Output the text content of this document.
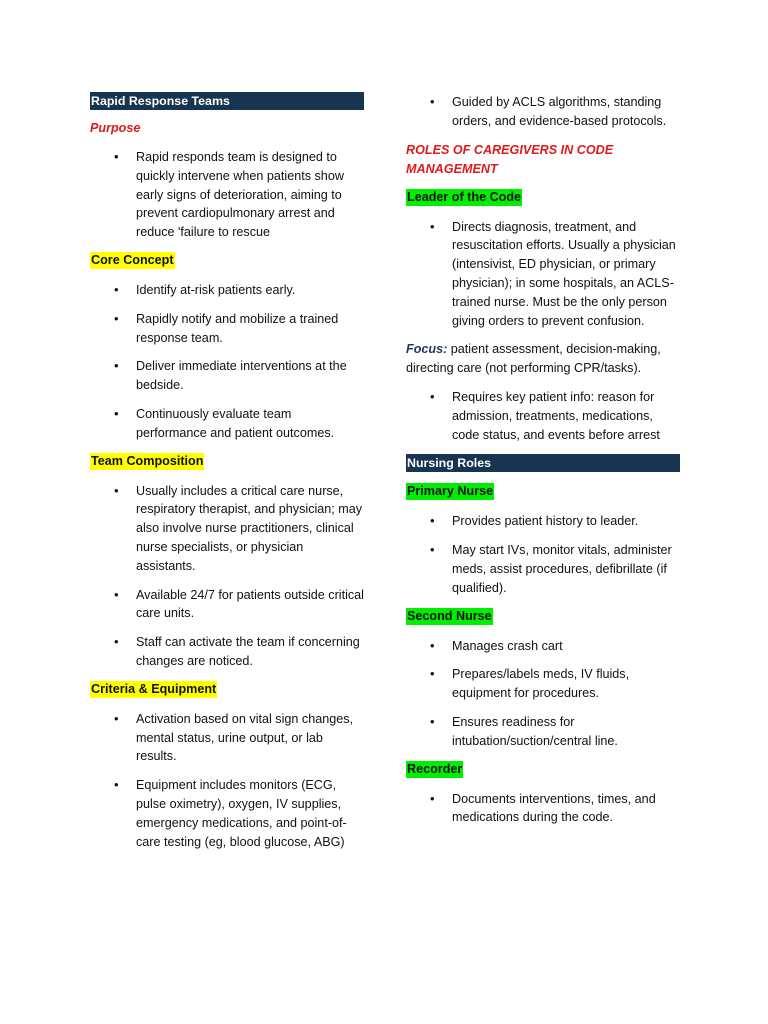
Rapid Response Teams
Purpose
• Rapid responds team is designed to quickly intervene when patients show early signs of deterioration, aiming to prevent cardiopulmonary arrest and reduce 'failure to rescue
Core Concept
• Identify at-risk patients early.
• Rapidly notify and mobilize a trained response team.
• Deliver immediate interventions at the bedside.
• Continuously evaluate team performance and patient outcomes.
Team Composition
• Usually includes a critical care nurse, respiratory therapist, and physician; may also involve nurse practitioners, clinical nurse specialists, or physician assistants.
• Available 24/7 for patients outside critical care units.
• Staff can activate the team if concerning changes are noticed.
Criteria & Equipment
• Activation based on vital sign changes, mental status, urine output, or lab results.
• Equipment includes monitors (ECG, pulse oximetry), oxygen, IV supplies, emergency medications, and point-of-care testing (eg, blood glucose, ABG)
• Guided by ACLS algorithms, standing orders, and evidence-based protocols.
ROLES OF CAREGIVERS IN CODE MANAGEMENT
Leader of the Code
• Directs diagnosis, treatment, and resuscitation efforts. Usually a physician (intensivist, ED physician, or primary physician); in some hospitals, an ACLS-trained nurse. Must be the only person giving orders to prevent confusion.
Focus: patient assessment, decision-making, directing care (not performing CPR/tasks).
• Requires key patient info: reason for admission, treatments, medications, code status, and events before arrest
Nursing Roles
Primary Nurse
• Provides patient history to leader.
• May start IVs, monitor vitals, administer meds, assist procedures, defibrillate (if qualified).
Second Nurse
• Manages crash cart
• Prepares/labels meds, IV fluids, equipment for procedures.
• Ensures readiness for intubation/suction/central line.
Recorder
• Documents interventions, times, and medications during the code.
